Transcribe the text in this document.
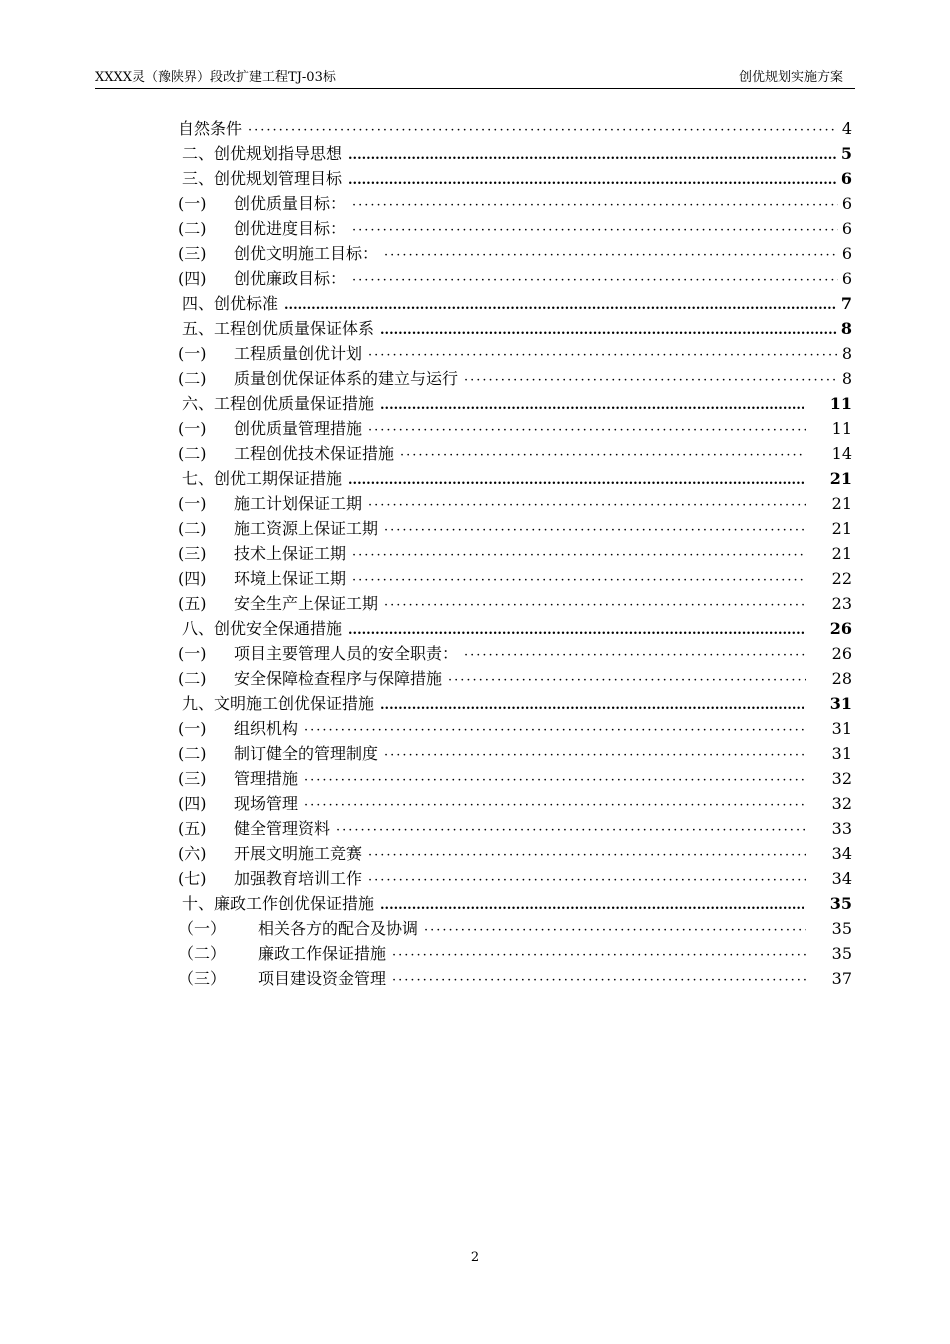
XXXX灵（豫陕界）段改扩建工程TJ-03标	创优规划实施方案
自然条件 ·····	4
二、创优规划指导思想 .....	5
三、创优规划管理目标 .....	6
(一)	创优质量目标： ·····	6
(二)	创优进度目标： ·····	6
(三)	创优文明施工目标： ·····	6
(四)	创优廉政目标： ·····	6
四、创优标准 .....	7
五、工程创优质量保证体系 .....	8
(一)	工程质量创优计划 ·····	8
(二)	质量创优保证体系的建立与运行 ·····	8
六、工程创优质量保证措施 .....	11
(一)	创优质量管理措施 ·····	11
(二)	工程创优技术保证措施 ·····	14
七、创优工期保证措施 .....	21
(一)	施工计划保证工期 ·····	21
(二)	施工资源上保证工期 ·····	21
(三)	技术上保证工期 ·····	21
(四)	环境上保证工期 ·····	22
(五)	安全生产上保证工期 ·····	23
八、创优安全保通措施 .....	26
(一)	项目主要管理人员的安全职责： ·····	26
(二)	安全保障检查程序与保障措施 ·····	28
九、文明施工创优保证措施 .....	31
(一)	组织机构 ·····	31
(二)	制订健全的管理制度 ·····	31
(三)	管理措施 ·····	32
(四)	现场管理 ·····	32
(五)	健全管理资料 ·····	33
(六)	开展文明施工竞赛 ·····	34
(七)	加强教育培训工作 ·····	34
十、廉政工作创优保证措施 .....	35
（一）	相关各方的配合及协调 ·····	35
（二）	廉政工作保证措施 ·····	35
（三）	项目建设资金管理 ·····	37
2
